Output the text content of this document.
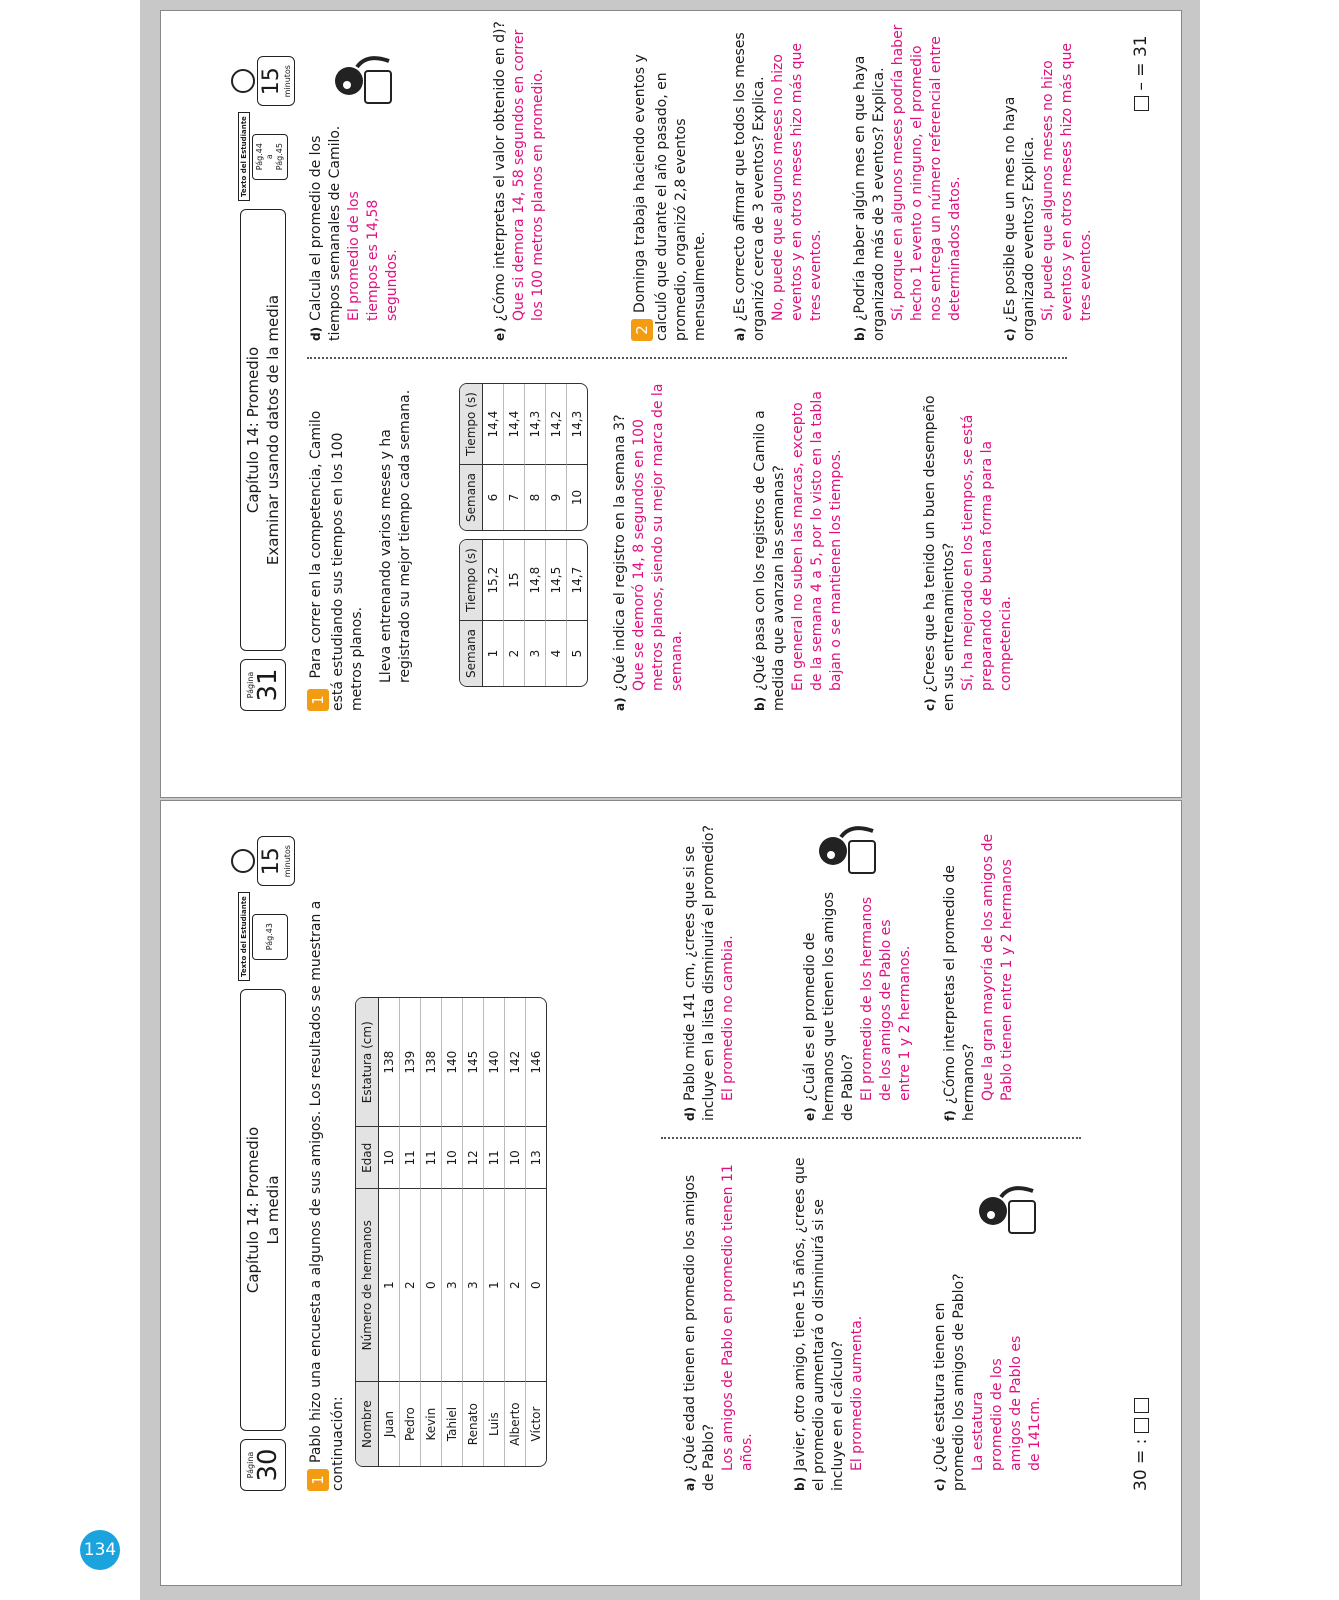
134
Página
31
Capítulo 14: Promedio Examinar usando datos de la media
Texto del Estudiante Pág.44 a Pág.45
15 minutos
1 Para correr en la competencia, Camilo está estudiando sus tiempos en los 100 metros planos. Lleva entrenando varios meses y ha registrado su mejor tiempo cada semana.	Semana	Tiempo (s)
1	15,2
2	15
3	14,8
4	14,5
5	14,7
Semana	Tiempo (s)
6	14,4
7	14,4
8	14,3
9	14,2
10	14,3
a)¿Qué indica el registro en la semana 3? Que se demoró 14, 8 segundos en 100 metros planos, siendo su mejor marca de la semana.
b)¿Qué pasa con los registros de Camilo a medida que avanzan las semanas? En general no suben las marcas, excepto de la semana 4 a 5, por lo visto en la tabla bajan o se mantienen los tiempos.
c)¿Crees que ha tenido un buen desempeño en sus entrenamientos? Sí, ha mejorado en los tiempos, se está preparando de buena forma para la competencia.
d)Calcula el promedio de los tiempos semanales de Camilo. El promedio de los tiempos es 14,58 segundos.
e)¿Cómo interpretas el valor obtenido en d)? Que si demora 14, 58 segundos en correr los 100 metros planos en promedio.
2Dominga trabaja haciendo eventos y calculó que durante el año pasado, en promedio, organizó 2,8 eventos mensualmente. a)¿Es correcto afirmar que todos los meses organizó cerca de 3 eventos? Explica. No, puede que algunos meses no hizo eventos y en otros meses hizo más que tres eventos.
b)¿Podría haber algún mes en que haya organizado más de 3 eventos? Explica. Sí, porque en algunos meses podría haber hecho 1 evento o ninguno, el promedio nos entrega un número referencial entre determinados datos.
c)¿Es posible que un mes no haya organizado eventos? Explica. Sí, puede que algunos meses no hizo eventos y en otros meses hizo más que tres eventos.
– = 31
Página
30
Capítulo 14: Promedio La media
Texto del Estudiante Pág.43
15 minutos
1Pablo hizo una encuesta a algunos de sus amigos. Los resultados se muestran a continuación: Nombre	Número de hermanos	Edad	Estatura (cm)
Juan	1	10	138
Pedro	2	11	139
Kevin	0	11	138
Tahiel	3	10	140
Renato	3	12	145
Luis	1	11	140
Alberto	2	10	142
Víctor	0	13	146
a)¿Qué edad tienen en promedio los amigos de Pablo? Los amigos de Pablo en promedio tienen 11 años.
b)Javier, otro amigo, tiene 15 años, ¿crees que el promedio aumentará o disminuirá si se incluye en el cálculo? El promedio aumenta.
c)¿Qué estatura tienen en promedio los amigos de Pablo? La estatura promedio de los amigos de Pablo es de 141cm.
d)Pablo mide 141 cm, ¿crees que si se incluye en la lista disminuirá el promedio? El promedio no cambia.
e)¿Cuál es el promedio de hermanos que tienen los amigos de Pablo? El promedio de los hermanos de los amigos de Pablo es entre 1 y 2 hermanos.
f)¿Cómo interpretas el promedio de hermanos? Que la gran mayoría de los amigos de Pablo tienen entre 1 y 2 hermanos
30 = :
